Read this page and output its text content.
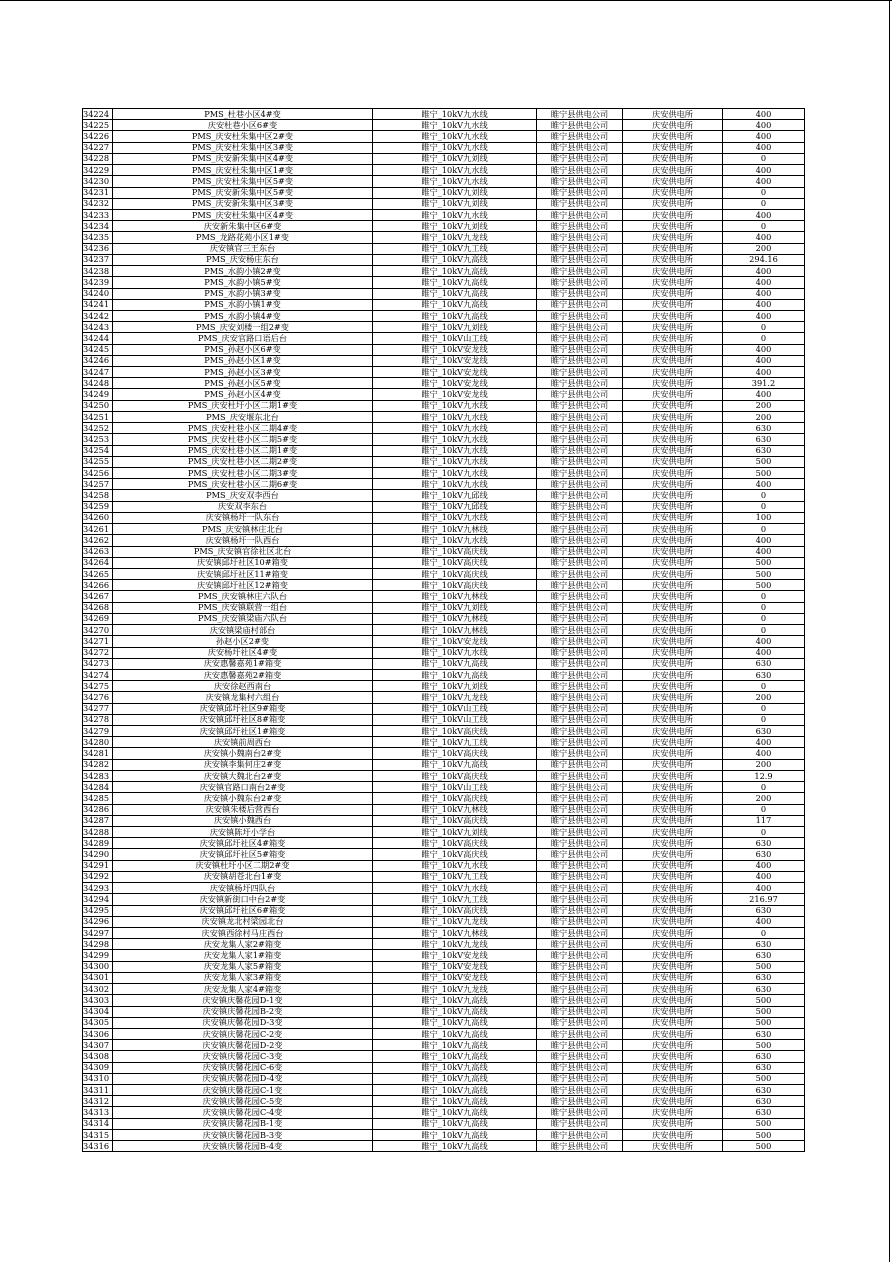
34224	PMS_杜巷小区4#变	睢宁_10kV九水线	睢宁县供电公司	庆安供电所	400
34225	庆安杜巷小区6#变	睢宁_10kV九水线	睢宁县供电公司	庆安供电所	400
34226	PMS_庆安杜朱集中区2#变	睢宁_10kV九水线	睢宁县供电公司	庆安供电所	400
34227	PMS_庆安杜朱集中区3#变	睢宁_10kV九水线	睢宁县供电公司	庆安供电所	400
34228	PMS_庆安新朱集中区4#变	睢宁_10kV九刘线	睢宁县供电公司	庆安供电所	0
34229	PMS_庆安杜朱集中区1#变	睢宁_10kV九水线	睢宁县供电公司	庆安供电所	400
34230	PMS_庆安杜朱集中区5#变	睢宁_10kV九水线	睢宁县供电公司	庆安供电所	400
34231	PMS_庆安新朱集中区5#变	睢宁_10kV九刘线	睢宁县供电公司	庆安供电所	0
34232	PMS_庆安新朱集中区3#变	睢宁_10kV九刘线	睢宁县供电公司	庆安供电所	0
34233	PMS_庆安杜朱集中区4#变	睢宁_10kV九水线	睢宁县供电公司	庆安供电所	400
34234	庆安新朱集中区6#变	睢宁_10kV九刘线	睢宁县供电公司	庆安供电所	0
34235	PMS_龙路花苑小区1#变	睢宁_10kV九龙线	睢宁县供电公司	庆安供电所	400
34236	庆安镇官三王东台	睢宁_10kV九工线	睢宁县供电公司	庆安供电所	200
34237	PMS_庆安杨庄东台	睢宁_10kV九高线	睢宁县供电公司	庆安供电所	294.16
34238	PMS_水韵小镇2#变	睢宁_10kV九高线	睢宁县供电公司	庆安供电所	400
34239	PMS_水韵小镇5#变	睢宁_10kV九高线	睢宁县供电公司	庆安供电所	400
34240	PMS_水韵小镇3#变	睢宁_10kV九高线	睢宁县供电公司	庆安供电所	400
34241	PMS_水韵小镇1#变	睢宁_10kV九高线	睢宁县供电公司	庆安供电所	400
34242	PMS_水韵小镇4#变	睢宁_10kV九高线	睢宁县供电公司	庆安供电所	400
34243	PMS_庆安刘楼一组2#变	睢宁_10kV九刘线	睢宁县供电公司	庆安供电所	0
34244	PMS_庆安官路口语后台	睢宁_10kV山工线	睢宁县供电公司	庆安供电所	0
34245	PMS_孙赵小区6#变	睢宁_10kV安龙线	睢宁县供电公司	庆安供电所	400
34246	PMS_孙赵小区1#变	睢宁_10kV安龙线	睢宁县供电公司	庆安供电所	400
34247	PMS_孙赵小区3#变	睢宁_10kV安龙线	睢宁县供电公司	庆安供电所	400
34248	PMS_孙赵小区5#变	睢宁_10kV安龙线	睢宁县供电公司	庆安供电所	391.2
34249	PMS_孙赵小区4#变	睢宁_10kV安龙线	睢宁县供电公司	庆安供电所	400
34250	PMS_庆安杜圩小区二期1#变	睢宁_10kV九水线	睢宁县供电公司	庆安供电所	200
34251	PMS_庆安堰东北台	睢宁_10kV九水线	睢宁县供电公司	庆安供电所	200
34252	PMS_庆安杜巷小区二期4#变	睢宁_10kV九水线	睢宁县供电公司	庆安供电所	630
34253	PMS_庆安杜巷小区二期5#变	睢宁_10kV九水线	睢宁县供电公司	庆安供电所	630
34254	PMS_庆安杜巷小区二期1#变	睢宁_10kV九水线	睢宁县供电公司	庆安供电所	630
34255	PMS_庆安杜巷小区二期2#变	睢宁_10kV九水线	睢宁县供电公司	庆安供电所	500
34256	PMS_庆安杜巷小区二期3#变	睢宁_10kV九水线	睢宁县供电公司	庆安供电所	500
34257	PMS_庆安杜巷小区二期6#变	睢宁_10kV九水线	睢宁县供电公司	庆安供电所	400
34258	PMS_庆安双李西台	睢宁_10kV九邱线	睢宁县供电公司	庆安供电所	0
34259	庆安双李东台	睢宁_10kV九邱线	睢宁县供电公司	庆安供电所	0
34260	庆安镇杨圩一队东台	睢宁_10kV九水线	睢宁县供电公司	庆安供电所	100
34261	PMS_庆安镇林庄北台	睢宁_10kV九林线	睢宁县供电公司	庆安供电所	0
34262	庆安镇杨圩一队西台	睢宁_10kV九水线	睢宁县供电公司	庆安供电所	400
34263	PMS_庆安镇官徐社区北台	睢宁_10kV高庆线	睢宁县供电公司	庆安供电所	400
34264	庆安镇邱圩社区10#箱变	睢宁_10kV高庆线	睢宁县供电公司	庆安供电所	500
34265	庆安镇邱圩社区11#箱变	睢宁_10kV高庆线	睢宁县供电公司	庆安供电所	500
34266	庆安镇邱圩社区12#箱变	睢宁_10kV高庆线	睢宁县供电公司	庆安供电所	500
34267	PMS_庆安镇林庄六队台	睢宁_10kV九林线	睢宁县供电公司	庆安供电所	0
34268	PMS_庆安镇联营一组台	睢宁_10kV九刘线	睢宁县供电公司	庆安供电所	0
34269	PMS_庆安镇梁庙六队台	睢宁_10kV九林线	睢宁县供电公司	庆安供电所	0
34270	庆安镇梁庙村部台	睢宁_10kV九林线	睢宁县供电公司	庆安供电所	0
34271	孙赵小区2#变	睢宁_10kV安龙线	睢宁县供电公司	庆安供电所	400
34272	庆安杨圩社区4#变	睢宁_10kV九水线	睢宁县供电公司	庆安供电所	400
34273	庆安惠馨嘉苑1#箱变	睢宁_10kV九高线	睢宁县供电公司	庆安供电所	630
34274	庆安惠馨嘉苑2#箱变	睢宁_10kV九高线	睢宁县供电公司	庆安供电所	630
34275	庆安徐赵西南台	睢宁_10kV九刘线	睢宁县供电公司	庆安供电所	0
34276	庆安镇龙集村六组台	睢宁_10kV九龙线	睢宁县供电公司	庆安供电所	200
34277	庆安镇邱圩社区9#箱变	睢宁_10kV山工线	睢宁县供电公司	庆安供电所	0
34278	庆安镇邱圩社区8#箱变	睢宁_10kV山工线	睢宁县供电公司	庆安供电所	0
34279	庆安镇邱圩社区1#箱变	睢宁_10kV高庆线	睢宁县供电公司	庆安供电所	630
34280	庆安镇前周西台	睢宁_10kV九工线	睢宁县供电公司	庆安供电所	400
34281	庆安镇小魏南台2#变	睢宁_10kV高庆线	睢宁县供电公司	庆安供电所	400
34282	庆安镇李集何庄2#变	睢宁_10kV九高线	睢宁县供电公司	庆安供电所	200
34283	庆安镇大魏北台2#变	睢宁_10kV高庆线	睢宁县供电公司	庆安供电所	12.9
34284	庆安镇官路口南台2#变	睢宁_10kV山工线	睢宁县供电公司	庆安供电所	0
34285	庆安镇小魏东台2#变	睢宁_10kV高庆线	睢宁县供电公司	庆安供电所	200
34286	庆安镇朱楼后营西台	睢宁_10kV九林线	睢宁县供电公司	庆安供电所	0
34287	庆安镇小魏西台	睢宁_10kV高庆线	睢宁县供电公司	庆安供电所	117
34288	庆安镇陈圩小学台	睢宁_10kV九刘线	睢宁县供电公司	庆安供电所	0
34289	庆安镇邱圩社区4#箱变	睢宁_10kV高庆线	睢宁县供电公司	庆安供电所	630
34290	庆安镇邱圩社区5#箱变	睢宁_10kV高庆线	睢宁县供电公司	庆安供电所	630
34291	庆安镇杜圩小区二期2#变	睢宁_10kV九水线	睢宁县供电公司	庆安供电所	400
34292	庆安镇胡苍北台1#变	睢宁_10kV九工线	睢宁县供电公司	庆安供电所	400
34293	庆安镇杨圩四队台	睢宁_10kV九水线	睢宁县供电公司	庆安供电所	400
34294	庆安镇新街口中台2#变	睢宁_10kV九工线	睢宁县供电公司	庆安供电所	216.97
34295	庆安镇邱圩社区6#箱变	睢宁_10kV高庆线	睢宁县供电公司	庆安供电所	630
34296	庆安镇龙北村梁园北台	睢宁_10kV九龙线	睢宁县供电公司	庆安供电所	400
34297	庆安镇西徐村马庄西台	睢宁_10kV九林线	睢宁县供电公司	庆安供电所	0
34298	庆安龙集人家2#箱变	睢宁_10kV九龙线	睢宁县供电公司	庆安供电所	630
34299	庆安龙集人家1#箱变	睢宁_10kV安龙线	睢宁县供电公司	庆安供电所	630
34300	庆安龙集人家5#箱变	睢宁_10kV安龙线	睢宁县供电公司	庆安供电所	500
34301	庆安龙集人家3#箱变	睢宁_10kV安龙线	睢宁县供电公司	庆安供电所	630
34302	庆安龙集人家4#箱变	睢宁_10kV九龙线	睢宁县供电公司	庆安供电所	630
34303	庆安镇庆馨花园D-1变	睢宁_10kV九高线	睢宁县供电公司	庆安供电所	500
34304	庆安镇庆馨花园B-2变	睢宁_10kV九高线	睢宁县供电公司	庆安供电所	500
34305	庆安镇庆馨花园D-3变	睢宁_10kV九高线	睢宁县供电公司	庆安供电所	500
34306	庆安镇庆馨花园C-2变	睢宁_10kV九高线	睢宁县供电公司	庆安供电所	630
34307	庆安镇庆馨花园D-2变	睢宁_10kV九高线	睢宁县供电公司	庆安供电所	500
34308	庆安镇庆馨花园C-3变	睢宁_10kV九高线	睢宁县供电公司	庆安供电所	630
34309	庆安镇庆馨花园C-6变	睢宁_10kV九高线	睢宁县供电公司	庆安供电所	630
34310	庆安镇庆馨花园D-4变	睢宁_10kV九高线	睢宁县供电公司	庆安供电所	500
34311	庆安镇庆馨花园C-1变	睢宁_10kV九高线	睢宁县供电公司	庆安供电所	630
34312	庆安镇庆馨花园C-5变	睢宁_10kV九高线	睢宁县供电公司	庆安供电所	630
34313	庆安镇庆馨花园C-4变	睢宁_10kV九高线	睢宁县供电公司	庆安供电所	630
34314	庆安镇庆馨花园B-1变	睢宁_10kV九高线	睢宁县供电公司	庆安供电所	500
34315	庆安镇庆馨花园B-3变	睢宁_10kV九高线	睢宁县供电公司	庆安供电所	500
34316	庆安镇庆馨花园B-4变	睢宁_10kV九高线	睢宁县供电公司	庆安供电所	500
